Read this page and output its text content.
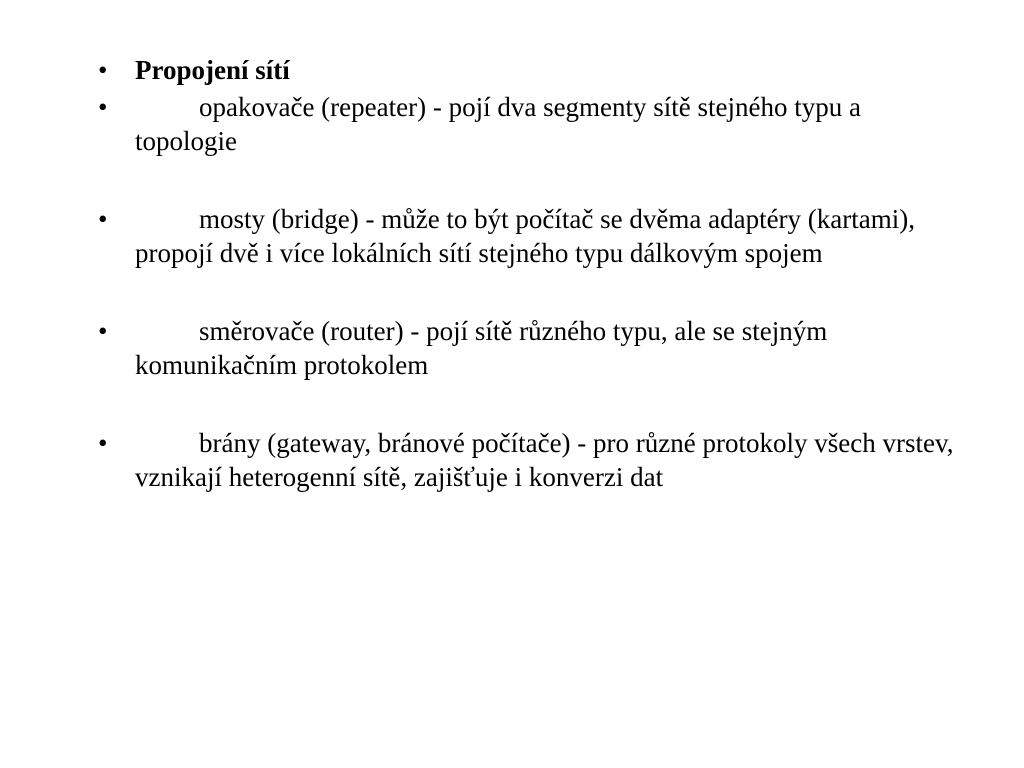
• Propojení sítí
•	opakovače (repeater) - pojí dva segmenty sítě stejného typu a topologie
•	mosty (bridge) - může to být počítač se dvěma adaptéry (kartami), propojí dvě i více lokálních sítí stejného typu dálkovým spojem
•	směrovače (router) - pojí sítě různého typu, ale se stejným komunikačním protokolem
•	brány (gateway, bránové počítače) - pro různé protokoly všech vrstev, vznikají heterogenní sítě, zajišťuje i konverzi dat
